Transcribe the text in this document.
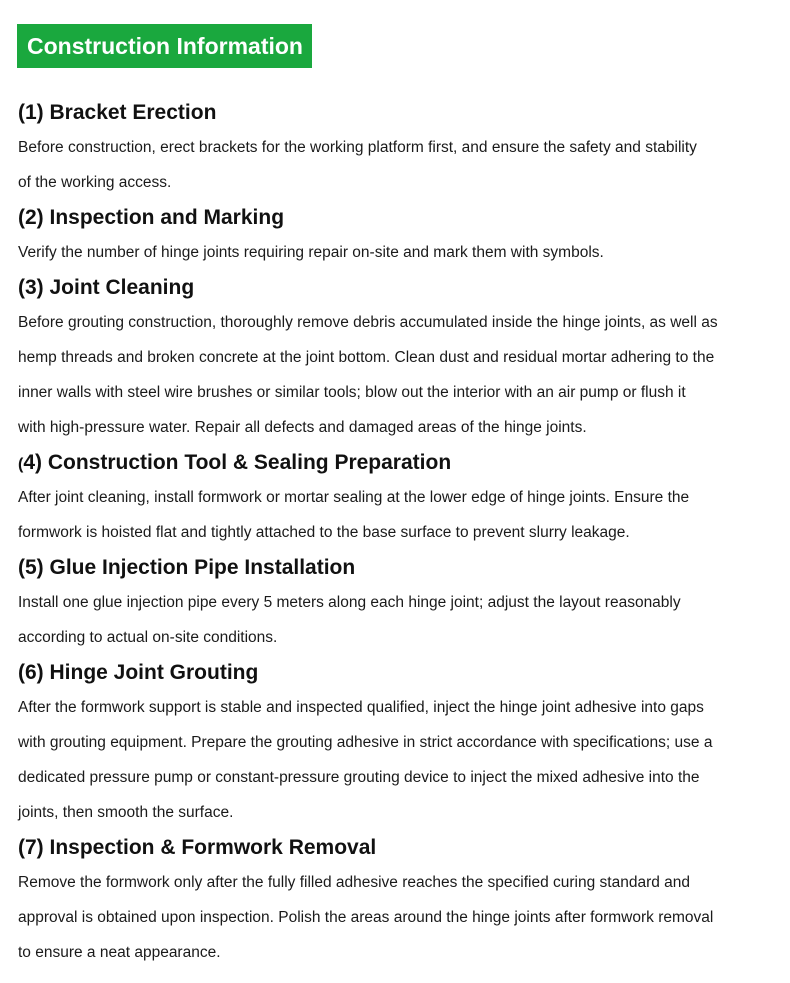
Construction Information
(1) Bracket Erection
Before construction, erect brackets for the working platform first, and ensure the safety and stability
of the working access.
(2) Inspection and Marking
Verify the number of hinge joints requiring repair on-site and mark them with symbols.
(3) Joint Cleaning
Before grouting construction, thoroughly remove debris accumulated inside the hinge joints, as well as
hemp threads and broken concrete at the joint bottom. Clean dust and residual mortar adhering to the
inner walls with steel wire brushes or similar tools; blow out the interior with an air pump or flush it
with high-pressure water. Repair all defects and damaged areas of the hinge joints.
(4) Construction Tool & Sealing Preparation
After joint cleaning, install formwork or mortar sealing at the lower edge of hinge joints. Ensure the
formwork is hoisted flat and tightly attached to the base surface to prevent slurry leakage.
(5) Glue Injection Pipe Installation
Install one glue injection pipe every 5 meters along each hinge joint; adjust the layout reasonably
according to actual on-site conditions.
(6) Hinge Joint Grouting
After the formwork support is stable and inspected qualified, inject the hinge joint adhesive into gaps
with grouting equipment. Prepare the grouting adhesive in strict accordance with specifications; use a
dedicated pressure pump or constant-pressure grouting device to inject the mixed adhesive into the
joints, then smooth the surface.
(7) Inspection & Formwork Removal
Remove the formwork only after the fully filled adhesive reaches the specified curing standard and
approval is obtained upon inspection. Polish the areas around the hinge joints after formwork removal
to ensure a neat appearance.
